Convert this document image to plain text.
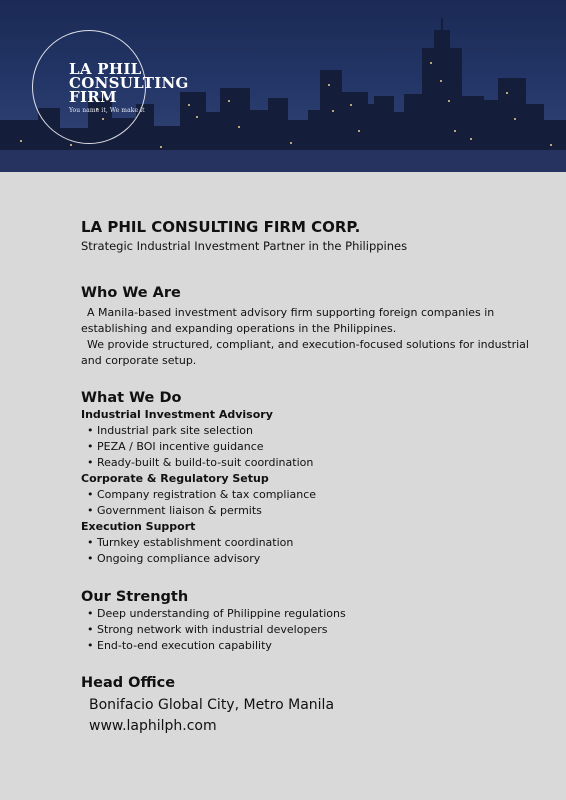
LA PHIL
CONSULTING
FIRM
You name it, We make it

LA PHIL CONSULTING FIRM CORP.

Strategic Industrial Investment Partner in the Philippines

Who We Are

A Manila-based investment advisory firm supporting foreign companies in establishing and expanding operations in the Philippines.

We provide structured, compliant, and execution-focused solutions for industrial and corporate setup.

What We Do

Industrial Investment Advisory

• Industrial park site selection
• PEZA / BOI incentive guidance
• Ready-built & build-to-suit coordination

Corporate & Regulatory Setup

• Company registration & tax compliance
• Government liaison & permits

Execution Support

• Turnkey establishment coordination
• Ongoing compliance advisory
Our Strength
• Deep understanding of Philippine regulations
• Strong network with industrial developers
• End-to-end execution capability
Head Office

Bonifacio Global City, Metro Manila

www.laphilph.com
